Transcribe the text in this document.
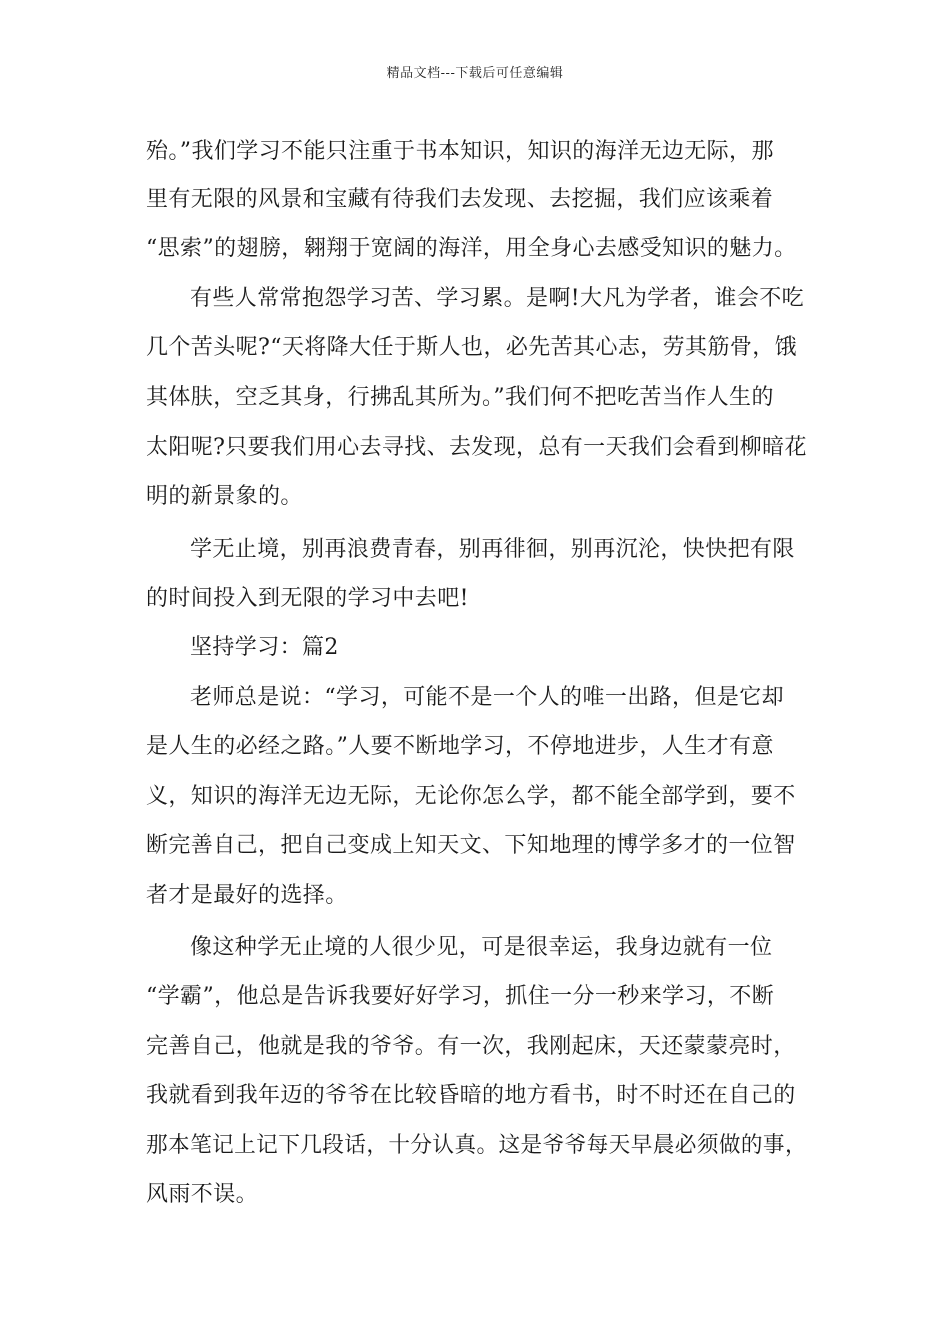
精品文档---下载后可任意编辑
殆。”我们学习不能只注重于书本知识，知识的海洋无边无际，那
里有无限的风景和宝藏有待我们去发现、去挖掘，我们应该乘着
“思索”的翅膀，翱翔于宽阔的海洋，用全身心去感受知识的魅力。
有些人常常抱怨学习苦、学习累。是啊!大凡为学者，谁会不吃
几个苦头呢?“天将降大任于斯人也，必先苦其心志，劳其筋骨，饿
其体肤，空乏其身，行拂乱其所为。”我们何不把吃苦当作人生的
太阳呢?只要我们用心去寻找、去发现，总有一天我们会看到柳暗花
明的新景象的。
学无止境，别再浪费青春，别再徘徊，别再沉沦，快快把有限
的时间投入到无限的学习中去吧!
坚持学习：篇2
老师总是说：“学习，可能不是一个人的唯一出路，但是它却
是人生的必经之路。”人要不断地学习，不停地进步，人生才有意
义，知识的海洋无边无际，无论你怎么学，都不能全部学到，要不
断完善自己，把自己变成上知天文、下知地理的博学多才的一位智
者才是最好的选择。
像这种学无止境的人很少见，可是很幸运，我身边就有一位
“学霸”，他总是告诉我要好好学习，抓住一分一秒来学习，不断
完善自己，他就是我的爷爷。有一次，我刚起床，天还蒙蒙亮时，
我就看到我年迈的爷爷在比较昏暗的地方看书，时不时还在自己的
那本笔记上记下几段话，十分认真。这是爷爷每天早晨必须做的事，
风雨不误。
